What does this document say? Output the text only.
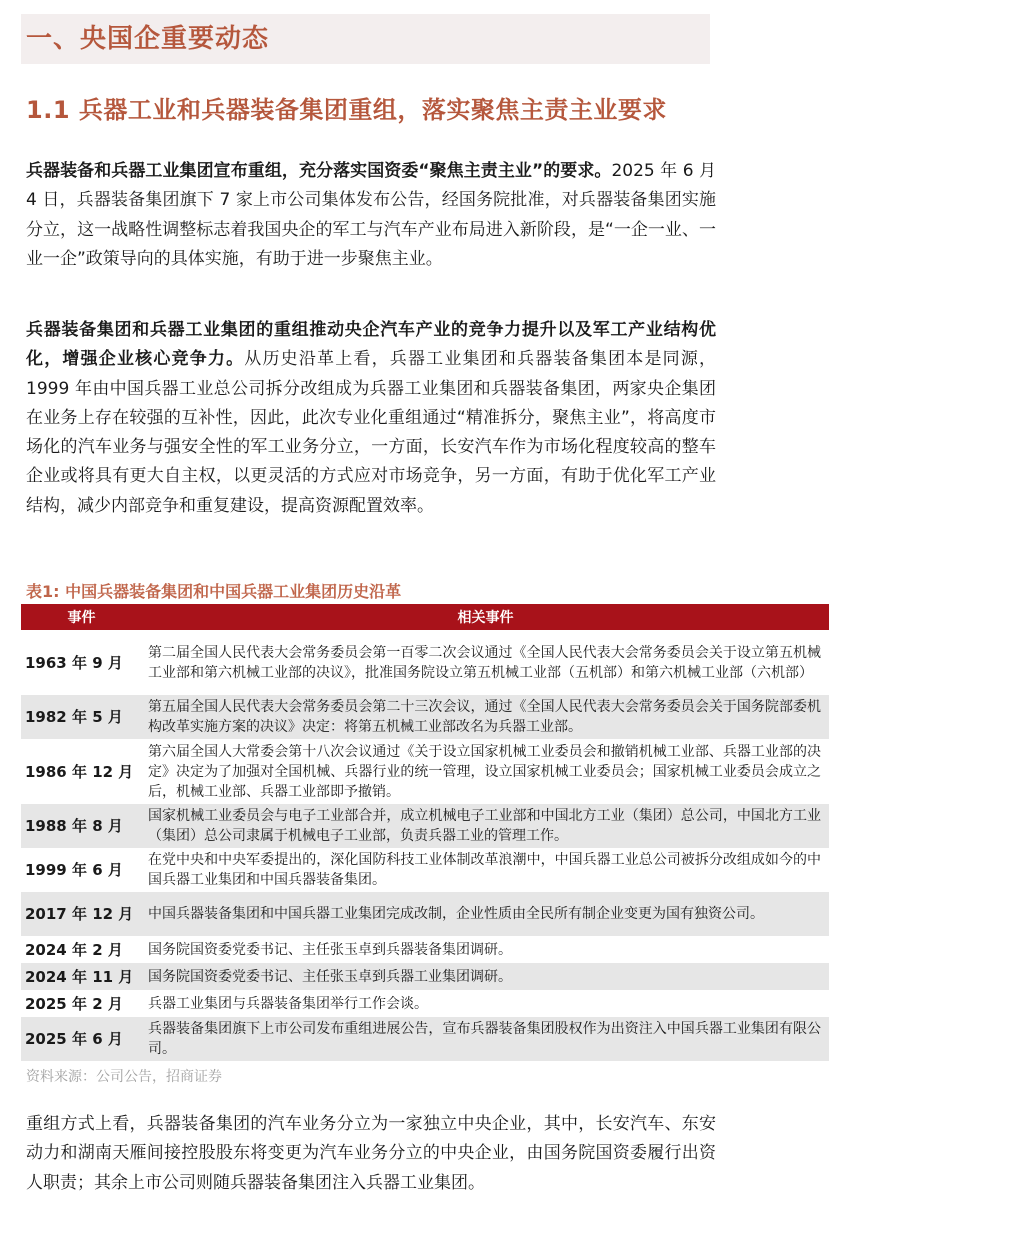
一、央国企重要动态
1.1 兵器工业和兵器装备集团重组，落实聚焦主责主业要求

兵器装备和兵器工业集团宣布重组，充分落实国资委“聚焦主责主业”的要求。2025 年 6 月 4 日，兵器装备集团旗下 7 家上市公司集体发布公告，经国务院批准，对兵器装备集团实施分立，这一战略性调整标志着我国央企的军工与汽车产业布局进入新阶段，是“一企一业、一业一企”政策导向的具体实施，有助于进一步聚焦主业。

兵器装备集团和兵器工业集团的重组推动央企汽车产业的竞争力提升以及军工产业结构优化，增强企业核心竞争力。从历史沿革上看，兵器工业集团和兵器装备集团本是同源， 1999 年由中国兵器工业总公司拆分改组成为兵器工业集团和兵器装备集团，两家央企集团在业务上存在较强的互补性，因此，此次专业化重组通过“精准拆分，聚焦主业”，将高度市场化的汽车业务与强安全性的军工业务分立，一方面，长安汽车作为市场化程度较高的整车企业或将具有更大自主权，以更灵活的方式应对市场竞争，另一方面，有助于优化军工产业结构，减少内部竞争和重复建设，提高资源配置效率。

表1: 中国兵器装备集团和中国兵器工业集团历史沿革

事件	相关事件
1963 年 9 月	第二届全国人民代表大会常务委员会第一百零二次会议通过《全国人民代表大会常务委员会关于设立第五机械工业部和第六机械工业部的决议》，批准国务院设立第五机械工业部（五机部）和第六机械工业部（六机部）
1982 年 5 月	第五届全国人民代表大会常务委员会第二十三次会议，通过《全国人民代表大会常务委员会关于国务院部委机构改革实施方案的决议》决定：将第五机械工业部改名为兵器工业部。
1986 年 12 月	第六届全国人大常委会第十八次会议通过《关于设立国家机械工业委员会和撤销机械工业部、兵器工业部的决定》决定为了加强对全国机械、兵器行业的统一管理，设立国家机械工业委员会；国家机械工业委员会成立之后，机械工业部、兵器工业部即予撤销。
1988 年 8 月	国家机械工业委员会与电子工业部合并，成立机械电子工业部和中国北方工业（集团）总公司，中国北方工业（集团）总公司隶属于机械电子工业部，负责兵器工业的管理工作。
1999 年 6 月	在党中央和中央军委提出的，深化国防科技工业体制改革浪潮中，中国兵器工业总公司被拆分改组成如今的中国兵器工业集团和中国兵器装备集团。
2017 年 12 月	中国兵器装备集团和中国兵器工业集团完成改制，企业性质由全民所有制企业变更为国有独资公司。
2024 年 2 月	国务院国资委党委书记、主任张玉卓到兵器装备集团调研。
2024 年 11 月	国务院国资委党委书记、主任张玉卓到兵器工业集团调研。
2025 年 2 月	兵器工业集团与兵器装备集团举行工作会谈。
2025 年 6 月	兵器装备集团旗下上市公司发布重组进展公告，宣布兵器装备集团股权作为出资注入中国兵器工业集团有限公司。

资料来源：公司公告，招商证券

重组方式上看，兵器装备集团的汽车业务分立为一家独立中央企业，其中，长安汽车、东安动力和湖南天雁间接控股股东将变更为汽车业务分立的中央企业，由国务院国资委履行出资人职责；其余上市公司则随兵器装备集团注入兵器工业集团。
